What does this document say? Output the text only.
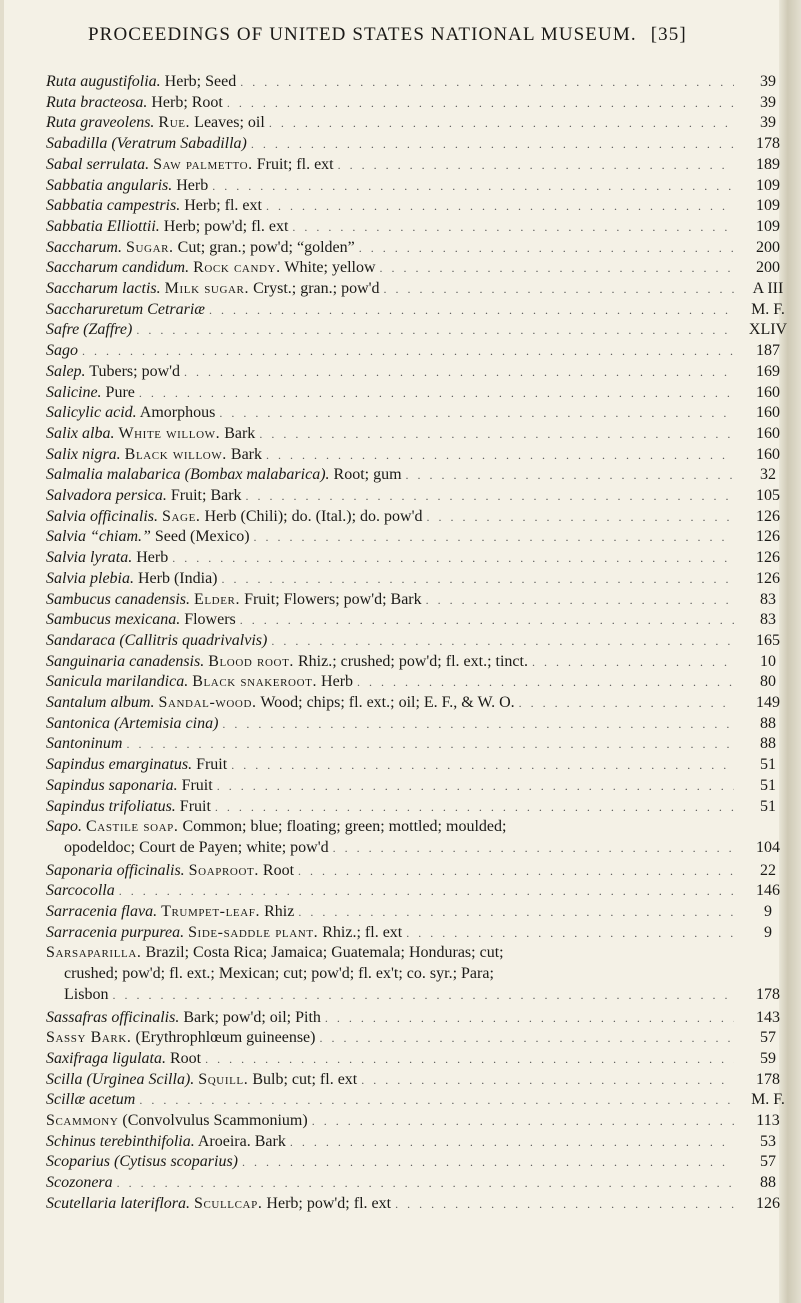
PROCEEDINGS OF UNITED STATES NATIONAL MUSEUM. [35]
Ruta augustifolia. Herb; Seed . . .	39
Ruta bracteosa. Herb; Root . . .	39
Ruta graveolens. Rue. Leaves; oil . . .	39
Sabadilla (Veratrum Sabadilla) . . .	178
Sabal serrulata. Saw palmetto. Fruit; fl. ext . . .	189
Sabbatia angularis. Herb . . .	109
Sabbatia campestris. Herb; fl. ext . . .	109
Sabbatia Elliottii. Herb; pow'd; fl. ext . . .	109
Saccharum. Sugar. Cut; gran.; pow'd; “golden” . . .	200
Saccharum candidum. Rock candy. White; yellow . . .	200
Saccharum lactis. Milk sugar. Cryst.; gran.; pow'd . . .	A III
Saccharuretum Cetrariæ . . .	M. F.
Safre (Zaffre) . . .	XLIV
Sago . . .	187
Salep. Tubers; pow'd . . .	169
Salicine. Pure . . .	160
Salicylic acid. Amorphous . . .	160
Salix alba. White willow. Bark . . .	160
Salix nigra. Black willow. Bark . . .	160
Salmalia malabarica (Bombax malabarica). Root; gum . . .	32
Salvadora persica. Fruit; Bark . . .	105
Salvia officinalis. Sage. Herb (Chili); do. (Ital.); do. pow'd . . .	126
Salvia “chiam.” Seed (Mexico) . . .	126
Salvia lyrata. Herb . . .	126
Salvia plebia. Herb (India) . . .	126
Sambucus canadensis. Elder. Fruit; Flowers; pow'd; Bark . . .	83
Sambucus mexicana. Flowers . . .	83
Sandaraca (Callitris quadrivalvis) . . .	165
Sanguinaria canadensis. Blood root. Rhiz.; crushed; pow'd; fl. ext.; tinct. . . .	10
Sanicula marilandica. Black snakeroot. Herb . . .	80
Santalum album. Sandal-wood. Wood; chips; fl. ext.; oil; E. F., & W. O. . . .	149
Santonica (Artemisia cina) . . .	88
Santoninum . . .	88
Sapindus emarginatus. Fruit . . .	51
Sapindus saponaria. Fruit . . .	51
Sapindus trifoliatus. Fruit . . .	51
Sapo. Castile soap. Common; blue; floating; green; mottled; moulded;
opodeldoc; Court de Payen; white; pow'd . . .	104
Saponaria officinalis. Soaproot. Root . . .	22
Sarcocolla . . .	146
Sarracenia flava. Trumpet-leaf. Rhiz . . .	9
Sarracenia purpurea. Side-saddle plant. Rhiz.; fl. ext . . .	9
Sarsaparilla. Brazil; Costa Rica; Jamaica; Guatemala; Honduras; cut;
crushed; pow'd; fl. ext.; Mexican; cut; pow'd; fl. ex't; co. syr.; Para;
Lisbon . . .	178
Sassafras officinalis. Bark; pow'd; oil; Pith . . .	143
Sassy Bark. (Erythrophlœum guineense) . . .	57
Saxifraga ligulata. Root . . .	59
Scilla (Urginea Scilla). Squill. Bulb; cut; fl. ext . . .	178
Scillæ acetum . . .	M. F.
Scammony (Convolvulus Scammonium) . . .	113
Schinus terebinthifolia. Aroeira. Bark . . .	53
Scoparius (Cytisus scoparius) . . .	57
Scozonera . . .	88
Scutellaria lateriflora. Scullcap. Herb; pow'd; fl. ext . . .	126
